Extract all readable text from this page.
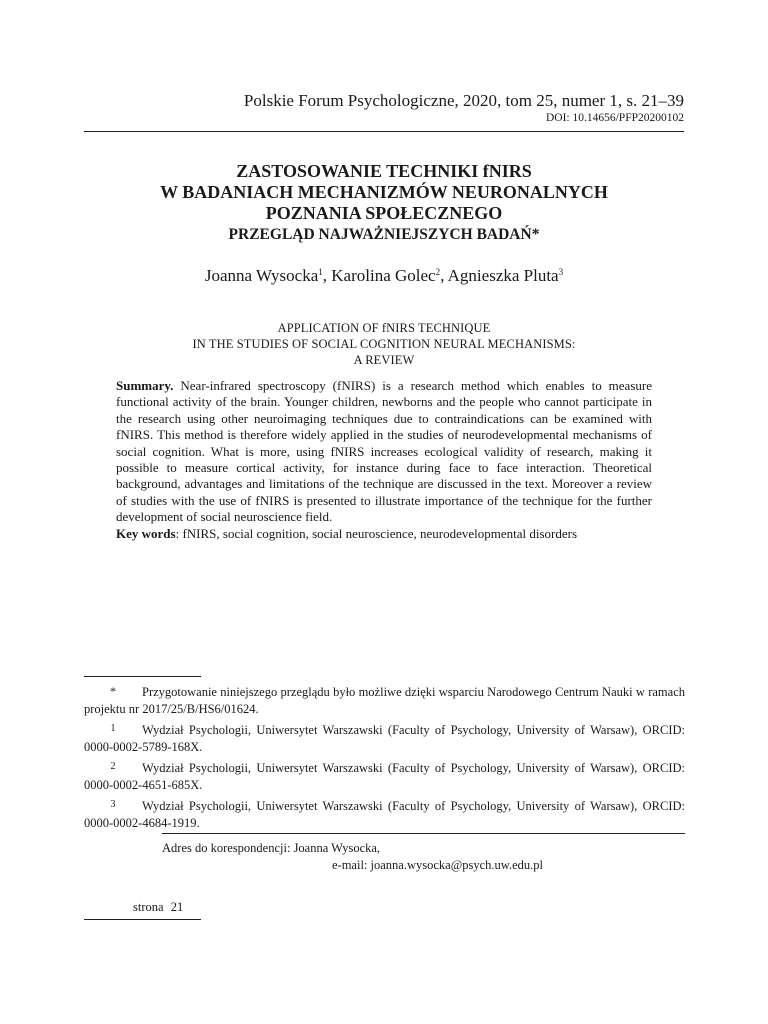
Polskie Forum Psychologiczne, 2020, tom 25, numer 1, s. 21–39
DOI: 10.14656/PFP20200102
ZASTOSOWANIE TECHNIKI fNIRS
W BADANIACH MECHANIZMÓW NEURONALNYCH
POZNANIA SPOŁECZNEGO
PRZEGLĄD NAJWAŻNIEJSZYCH BADAŃ*
Joanna Wysocka$^1$, Karolina Golec$^2$, Agnieszka Pluta$^3$
APPLICATION OF fNIRS TECHNIQUE
IN THE STUDIES OF SOCIAL COGNITION NEURAL MECHANISMS:
A REVIEW

Summary. Near-infrared spectroscopy (fNIRS) is a research method which enables to measure functional activity of the brain. Younger children, newborns and the people who cannot participate in the research using other neuroimaging techniques due to contraindications can be examined with fNIRS. This method is therefore widely applied in the studies of neurodevelopmental mechanisms of social cognition. What is more, using fNIRS increases ecological validity of research, making it possible to measure cortical activity, for instance during face to face interaction. Theoretical background, advantages and limitations of the technique are discussed in the text. Moreover a review of studies with the use of fNIRS is presented to illustrate importance of the technique for the further development of social neuroscience field.

Key words: fNIRS, social cognition, social neuroscience, neurodevelopmental disorders

* Przygotowanie niniejszego przeglądu było możliwe dzięki wsparciu Narodowego Centrum Nauki w ramach projektu nr 2017/25/B/HS6/01624.

1 Wydział Psychologii, Uniwersytet Warszawski (Faculty of Psychology, University of Warsaw), ORCID: 0000-0002-5789-168X.

2 Wydział Psychologii, Uniwersytet Warszawski (Faculty of Psychology, University of Warsaw), ORCID: 0000-0002-4651-685X.

3 Wydział Psychologii, Uniwersytet Warszawski (Faculty of Psychology, University of Warsaw), ORCID: 0000-0002-4684-1919.

Adres do korespondencji: Joanna Wysocka,
e-mail: joanna.wysocka@psych.uw.edu.pl
strona 21
